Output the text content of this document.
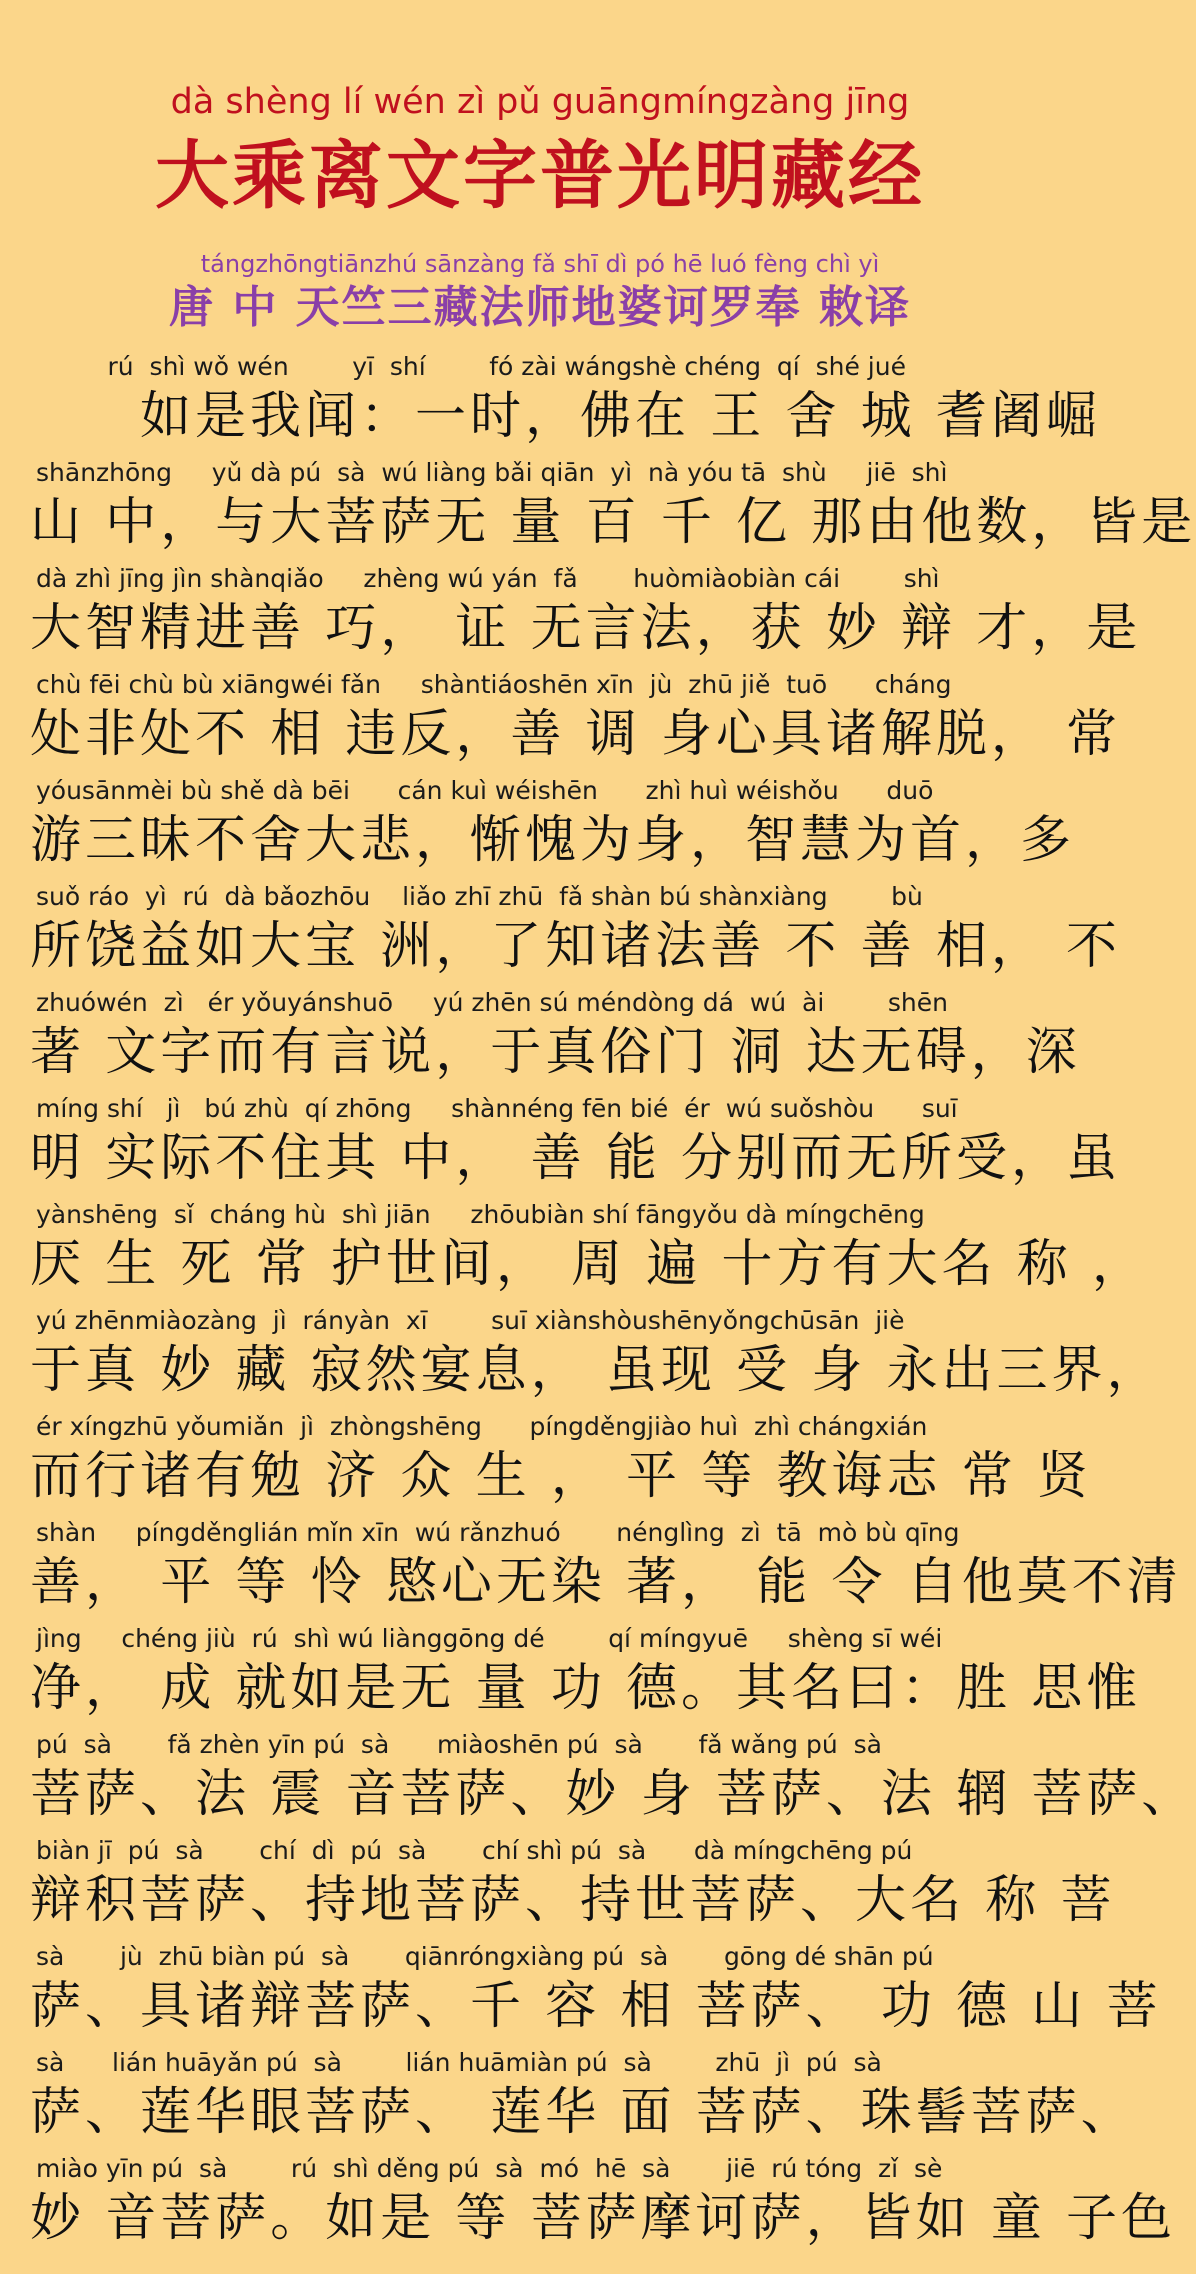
dà shèng lí wén zì pǔ guāngmíngzàng jīng
大乘离文字普光明藏经
tángzhōngtiānzhú sānzàng fǎ shī dì pó hē luó fèng chì yì
唐 中 天竺三藏法师地婆诃罗奉 敕译
rú  shì wǒ wén        yī  shí        fó zài wángshè chéng  qí  shé jué
如是我闻：一时，佛在 王 舍 城 耆阇崛
shānzhōng     yǔ dà pú  sà  wú liàng bǎi qiān  yì  nà yóu tā  shù     jiē  shì
山 中，与大菩萨无 量 百 千 亿 那由他数，皆是
dà zhì jīng jìn shànqiǎo     zhèng wú yán  fǎ       huòmiàobiàn cái        shì
大智精进善 巧， 证 无言法，获 妙 辩 才，是
chù fēi chù bù xiāngwéi fǎn     shàntiáoshēn xīn  jù  zhū jiě  tuō      cháng
处非处不 相 违反，善 调 身心具诸解脱， 常
yóusānmèi bù shě dà bēi      cán kuì wéishēn      zhì huì wéishǒu      duō
游三昧不舍大悲，惭愧为身，智慧为首，多
suǒ ráo  yì  rú  dà bǎozhōu    liǎo zhī zhū  fǎ shàn bú shànxiàng        bù
所饶益如大宝 洲，了知诸法善 不 善 相， 不
zhuówén  zì   ér yǒuyánshuō     yú zhēn sú méndòng dá  wú  ài        shēn
著 文字而有言说，于真俗门 洞 达无碍，深
míng shí   jì   bú zhù  qí zhōng     shànnéng fēn bié  ér  wú suǒshòu      suī
明 实际不住其 中， 善 能 分别而无所受，虽
yànshēng  sǐ  cháng hù  shì jiān     zhōubiàn shí fāngyǒu dà míngchēng
厌 生 死 常 护世间， 周 遍 十方有大名 称 ，
yú zhēnmiàozàng  jì  rányàn  xī        suī xiànshòushēnyǒngchūsān  jiè
于真 妙 藏 寂然宴息， 虽现 受 身 永出三界，
ér xíngzhū yǒumiǎn  jì  zhòngshēng      píngděngjiào huì  zhì chángxián
而行诸有勉 济 众 生 ， 平 等 教诲志 常 贤
shàn     píngděnglián mǐn xīn  wú rǎnzhuó       nénglìng  zì  tā  mò bù qīng
善， 平 等 怜 愍心无染 著， 能 令 自他莫不清
jìng     chéng jiù  rú  shì wú liànggōng dé        qí míngyuē     shèng sī wéi
净， 成 就如是无 量 功 德。其名曰：胜 思惟
pú  sà       fǎ zhèn yīn pú  sà      miàoshēn pú  sà       fǎ wǎng pú  sà
菩萨、法 震 音菩萨、妙 身 菩萨、法 辋 菩萨、
biàn jī  pú  sà       chí  dì  pú  sà       chí shì pú  sà      dà míngchēng pú
辩积菩萨、持地菩萨、持世菩萨、大名 称 菩
sà       jù  zhū biàn pú  sà       qiānróngxiàng pú  sà       gōng dé shān pú
萨、具诸辩菩萨、千 容 相 菩萨、 功 德 山 菩
sà      lián huāyǎn pú  sà        lián huāmiàn pú  sà        zhū  jì  pú  sà
萨、莲华眼菩萨、 莲华 面 菩萨、珠髻菩萨、
miào yīn pú  sà        rú  shì děng pú  sà  mó  hē  sà       jiē  rú tóng  zǐ  sè
妙 音菩萨。如是 等 菩萨摩诃萨，皆如 童 子色
